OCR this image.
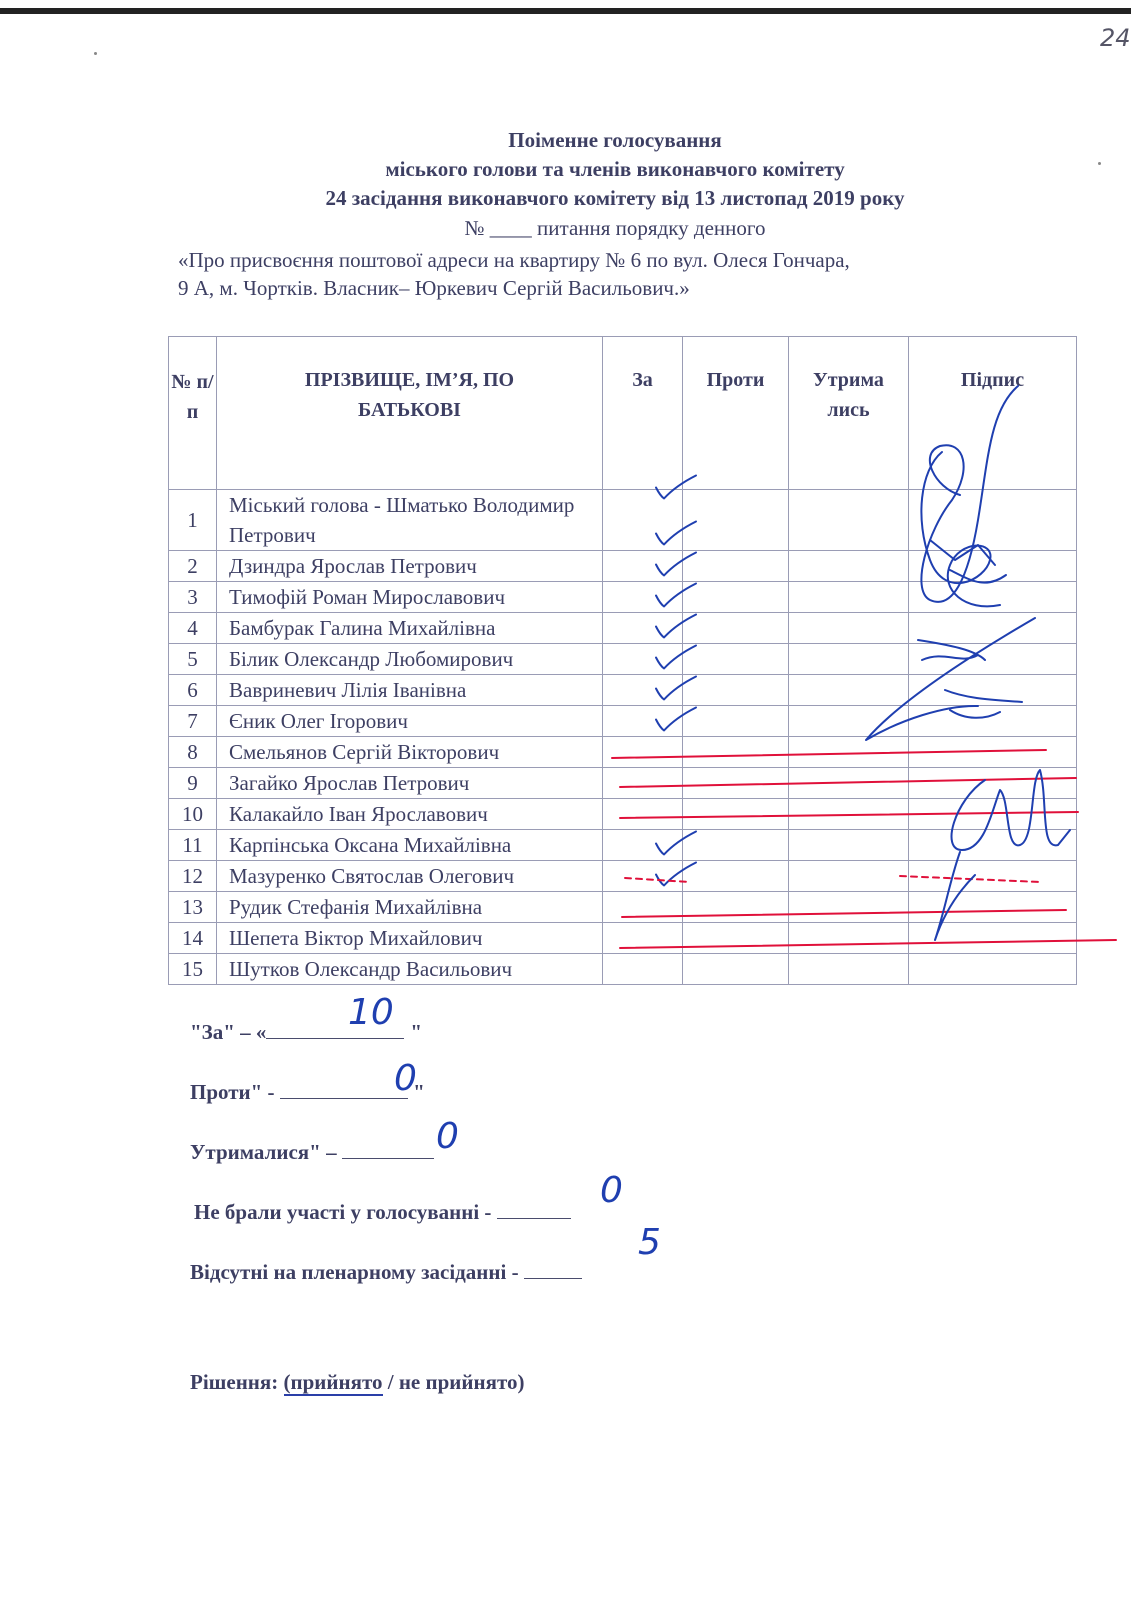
24
Поіменне голосування
міського голови та членів виконавчого комітету
24 засідання виконавчого комітету від 13 листопад 2019 року
№ ____ питання порядку денного
«Про присвоєння поштової адреси на квартиру № 6 по вул. Олеся Гончара,
9 А, м. Чортків. Власник– Юркевич Сергій Васильович.»
№ п/ п	ПРІЗВИЩЕ, ІМ’Я, ПО БАТЬКОВІ	За	Проти	Утрима лись	Підпис
1	Міський голова - Шматько Володимир Петрович				
2	Дзиндра Ярослав Петрович				
3	Тимофій Роман Мирославович				
4	Бамбурак Галина Михайлівна				
5	Білик Олександр Любомирович				
6	Вавриневич Лілія Іванівна				
7	Єник Олег Ігорович				
8	Смельянов Сергій Вікторович				
9	Загайко Ярослав Петрович				
10	Калакайло Іван Ярославович				
11	Карпінська Оксана Михайлівна				
12	Мазуренко Святослав Олегович				
13	Рудик Стефанія Михайлівна				
14	Шепета Віктор Михайлович				
15	Шутков Олександр Васильович				
"За" – «	"
10
Проти" -	"
0
Утрималися" –	0
Не брали участі у голосуванні -
0
Відсутні на пленарному засіданні -
5
Рішення: (прийнято / не прийнято)
